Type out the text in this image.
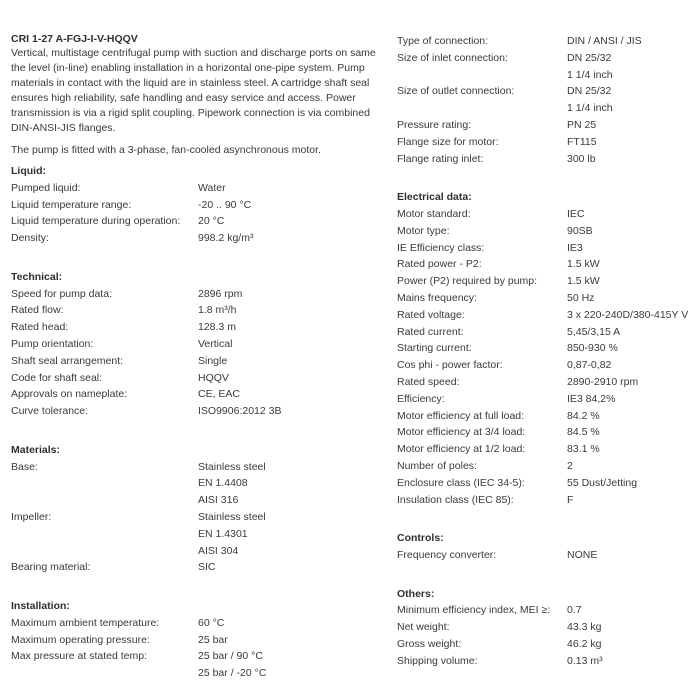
CRI 1-27 A-FGJ-I-V-HQQV

Vertical, multistage centrifugal pump with suction and discharge ports on same the level (in-line) enabling installation in a horizontal one-pipe system. Pump materials in contact with the liquid are in stainless steel. A cartridge shaft seal ensures high reliability, safe handling and easy service and access. Power transmission is via a rigid split coupling. Pipework connection is via combined DIN-ANSI-JIS flanges.

The pump is fitted with a 3-phase, fan-cooled asynchronous motor.
Liquid:
Pumped liquid:	Water
Liquid temperature range:	-20 .. 90 °C
Liquid temperature during operation:	20 °C
Density:	998.2 kg/m³
Technical:
Speed for pump data:	2896 rpm
Rated flow:	1.8 m³/h
Rated head:	128.3 m
Pump orientation:	Vertical
Shaft seal arrangement:	Single
Code for shaft seal:	HQQV
Approvals on nameplate:	CE, EAC
Curve tolerance:	ISO9906:2012 3B
Materials:
Base:	Stainless steel
EN 1.4408
AISI 316
Impeller:	Stainless steel
EN 1.4301
AISI 304
Bearing material:	SIC
Installation:
Maximum ambient temperature:	60 °C
Maximum operating pressure:	25 bar
Max pressure at stated temp:	25 bar / 90 °C
25 bar / -20 °C
Type of connection:	DIN / ANSI / JIS
Size of inlet connection:	DN 25/32
1 1/4 inch
Size of outlet connection:	DN 25/32
1 1/4 inch
Pressure rating:	PN 25
Flange size for motor:	FT115
Flange rating inlet:	300 lb
Electrical data:
Motor standard:	IEC
Motor type:	90SB
IE Efficiency class:	IE3
Rated power - P2:	1.5 kW
Power (P2) required by pump:	1.5 kW
Mains frequency:	50 Hz
Rated voltage:	3 x 220-240D/380-415Y V
Rated current:	5,45/3,15 A
Starting current:	850-930 %
Cos phi - power factor:	0,87-0,82
Rated speed:	2890-2910 rpm
Efficiency:	IE3 84,2%
Motor efficiency at full load:	84.2 %
Motor efficiency at 3/4 load:	84.5 %
Motor efficiency at 1/2 load:	83.1 %
Number of poles:	2
Enclosure class (IEC 34-5):	55 Dust/Jetting
Insulation class (IEC 85):	F
Controls:
Frequency converter:	NONE
Others:
Minimum efficiency index, MEI ≥:	0.7
Net weight:	43.3 kg
Gross weight:	46.2 kg
Shipping volume:	0.13 m³
